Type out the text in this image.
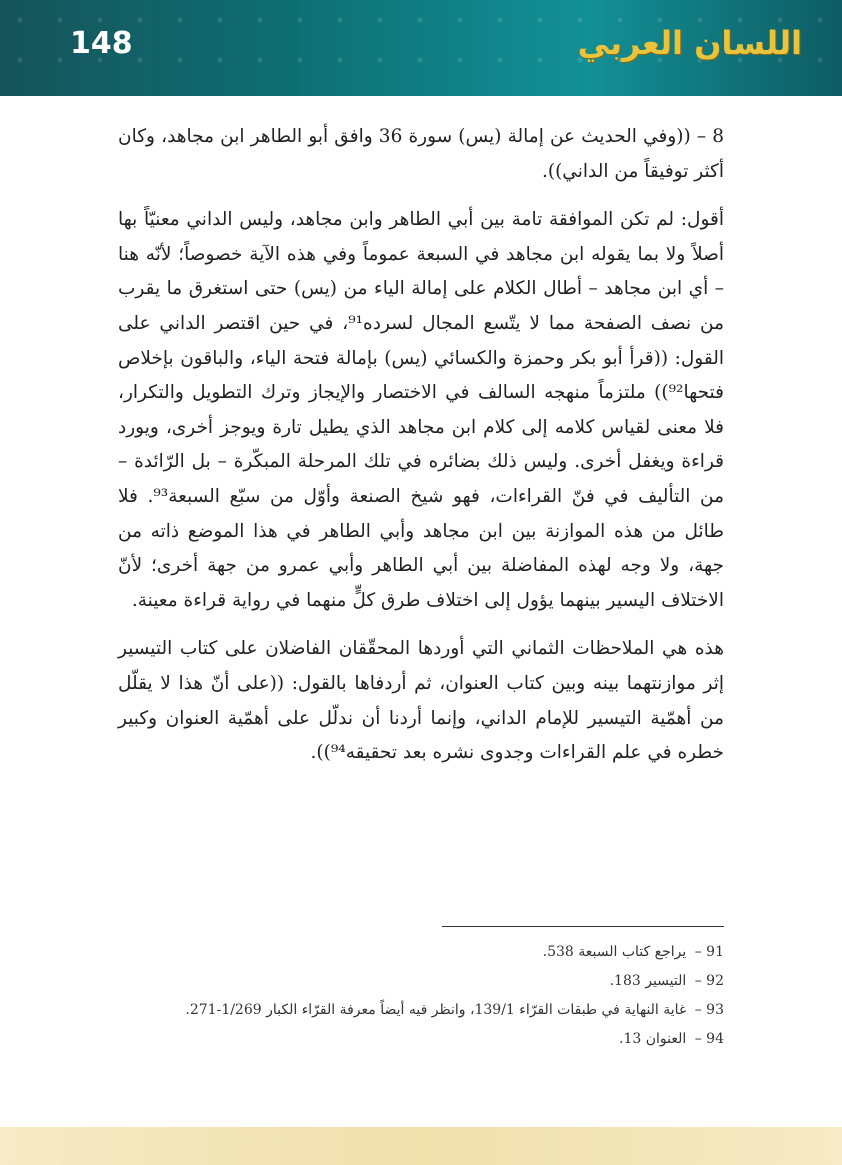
148	اللسان العربي

8 – ((وفي الحديث عن إمالة (يس) سورة 36 وافق أبو الطاهر ابن مجاهد، وكان أكثر توفيقاً من الداني)).

أقول: لم تكن الموافقة تامة بين أبي الطاهر وابن مجاهد، وليس الداني معنيّاً بها أصلاً ولا بما يقوله ابن مجاهد في السبعة عموماً وفي هذه الآية خصوصاً؛ لأنّه هنا – أي ابن مجاهد – أطال الكلام على إمالة الياء من (يس) حتى استغرق ما يقرب من نصف الصفحة مما لا يتّسع المجال لسرده⁹¹، في حين اقتصر الداني على القول: ((قرأ أبو بكر وحمزة والكسائي (يس) بإمالة فتحة الياء، والباقون بإخلاص فتحها⁹²)) ملتزماً منهجه السالف في الاختصار والإيجاز وترك التطويل والتكرار، فلا معنى لقياس كلامه إلى كلام ابن مجاهد الذي يطيل تارة ويوجز أخرى، ويورد قراءة ويغفل أخرى. وليس ذلك بضائره في تلك المرحلة المبكّرة – بل الرّائدة – من التأليف في فنّ القراءات، فهو شيخ الصنعة وأوّل من سبّع السبعة⁹³. فلا طائل من هذه الموازنة بين ابن مجاهد وأبي الطاهر في هذا الموضع ذاته من جهة، ولا وجه لهذه المفاضلة بين أبي الطاهر وأبي عمرو من جهة أخرى؛ لأنّ الاختلاف اليسير بينهما يؤول إلى اختلاف طرق كلٍّ منهما في رواية قراءة معينة.

هذه هي الملاحظات الثماني التي أوردها المحقّقان الفاضلان على كتاب التيسير إثر موازنتهما بينه وبين كتاب العنوان، ثم أردفاها بالقول: ((على أنّ هذا لا يقلّل من أهمّية التيسير للإمام الداني، وإنما أردنا أن ندلّل على أهمّية العنوان وكبير خطره في علم القراءات وجدوى نشره بعد تحقيقه⁹⁴)).

91 – يراجع كتاب السبعة 538.
92 – التيسير 183.
93 – غاية النهاية في طبقات القرّاء 139/1، وانظر فيه أيضاً معرفة القرّاء الكبار 1/269-271.
94 – العنوان 13.
